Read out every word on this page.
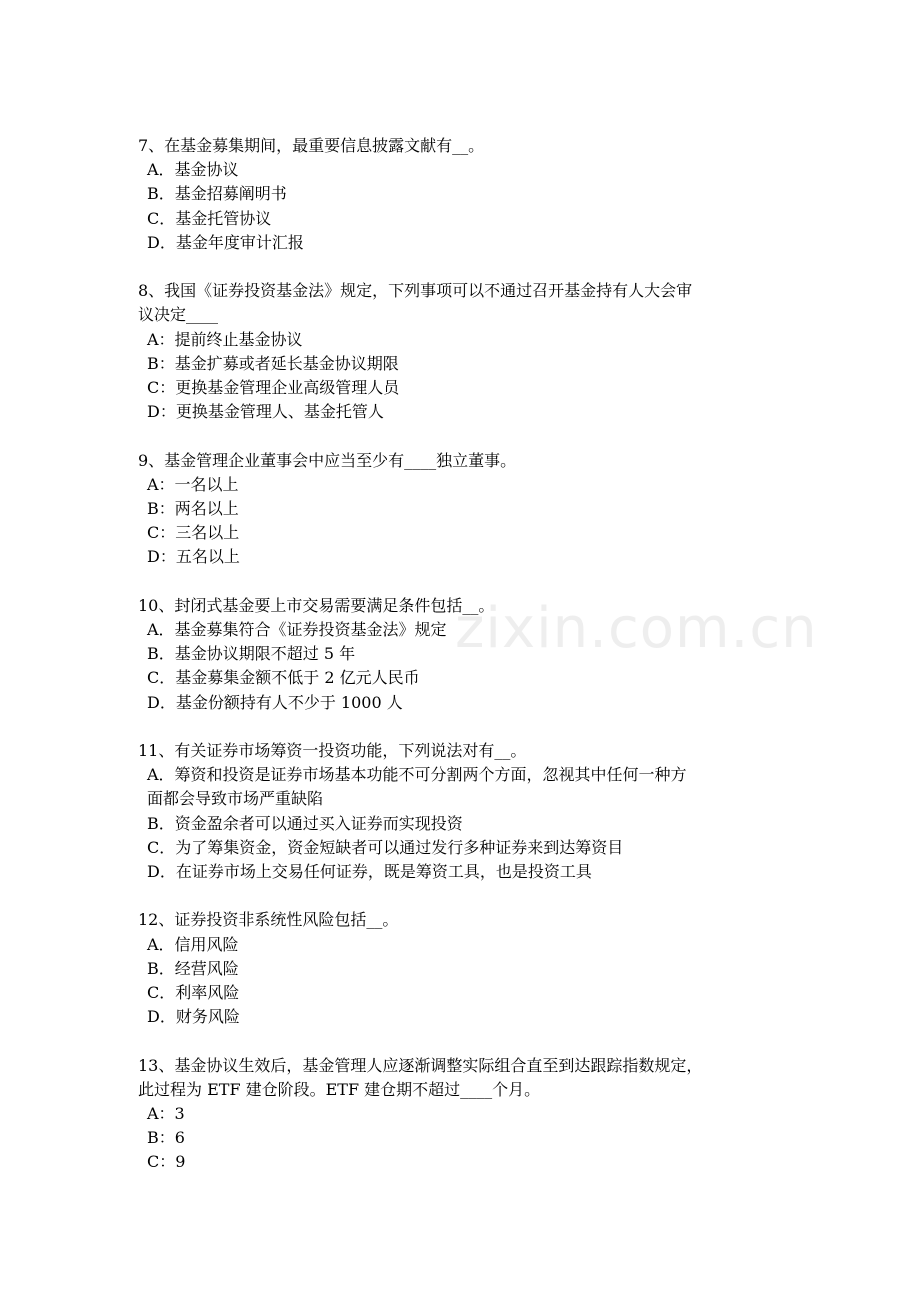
zixin.com.cn
7、在基金募集期间，最重要信息披露文献有__。
A．基金协议
B．基金招募阐明书
C．基金托管协议
D．基金年度审计汇报
8、我国《证券投资基金法》规定，下列事项可以不通过召开基金持有人大会审
议决定____
A：提前终止基金协议
B：基金扩募或者延长基金协议期限
C：更换基金管理企业高级管理人员
D：更换基金管理人、基金托管人
9、基金管理企业董事会中应当至少有____独立董事。
A：一名以上
B：两名以上
C：三名以上
D：五名以上
10、封闭式基金要上市交易需要满足条件包括__。
A．基金募集符合《证券投资基金法》规定
B．基金协议期限不超过 5 年
C．基金募集金额不低于 2 亿元人民币
D．基金份额持有人不少于 1000 人
11、有关证券市场筹资一投资功能，下列说法对有__。
A．筹资和投资是证券市场基本功能不可分割两个方面，忽视其中任何一种方
面都会导致市场严重缺陷
B．资金盈余者可以通过买入证券而实现投资
C．为了筹集资金，资金短缺者可以通过发行多种证券来到达筹资目
D．在证券市场上交易任何证券，既是筹资工具，也是投资工具
12、证券投资非系统性风险包括__。
A．信用风险
B．经营风险
C．利率风险
D．财务风险
13、基金协议生效后，基金管理人应逐渐调整实际组合直至到达跟踪指数规定，
此过程为 ETF 建仓阶段。ETF 建仓期不超过____个月。
A：3
B：6
C：9
